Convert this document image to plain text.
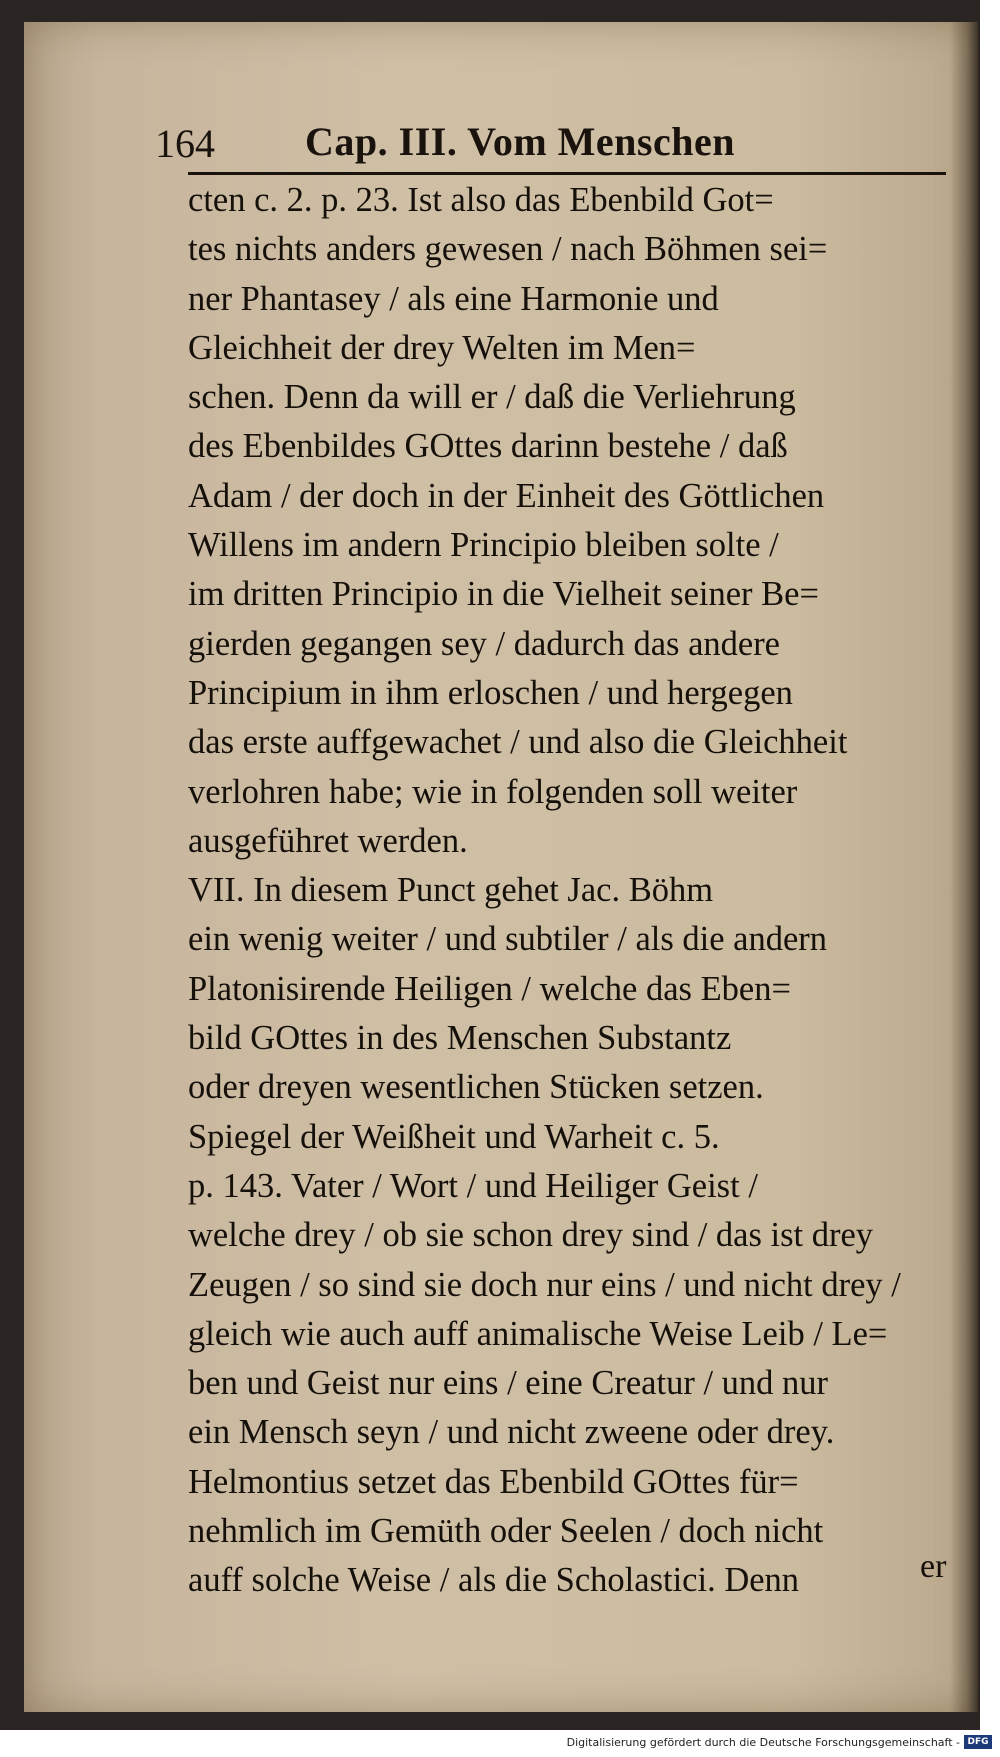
164 Cap. III. Vom Menschen
cten c. 2. p. 23. Ist also das Ebenbild Got=
tes nichts anders gewesen / nach Böhmen sei=
ner Phantasey / als eine Harmonie und
Gleichheit der drey Welten im Men=
schen. Denn da will er / daß die Verliehrung
des Ebenbildes GOttes darinn bestehe / daß
Adam / der doch in der Einheit des Göttlichen
Willens im andern Principio bleiben solte /
im dritten Principio in die Vielheit seiner Be=
gierden gegangen sey / dadurch das andere
Principium in ihm erloschen / und hergegen
das erste auffgewachet / und also die Gleichheit
verlohren habe; wie in folgenden soll weiter
ausgeführet werden.
VII. In diesem Punct gehet Jac. Böhm
ein wenig weiter / und subtiler / als die andern
Platonisirende Heiligen / welche das Eben=
bild GOttes in des Menschen Substantz
oder dreyen wesentlichen Stücken setzen.
Spiegel der Weißheit und Warheit c. 5.
p. 143. Vater / Wort / und Heiliger Geist /
welche drey / ob sie schon drey sind / das ist drey
Zeugen / so sind sie doch nur eins / und nicht drey /
gleich wie auch auff animalische Weise Leib / Le=
ben und Geist nur eins / eine Creatur / und nur
ein Mensch seyn / und nicht zweene oder drey.
Helmontius setzet das Ebenbild GOttes für=
nehmlich im Gemüth oder Seelen / doch nicht
auff solche Weise / als die Scholastici. Denn	er
Digitalisierung gefördert durch die Deutsche Forschungsgemeinschaft - DFG
